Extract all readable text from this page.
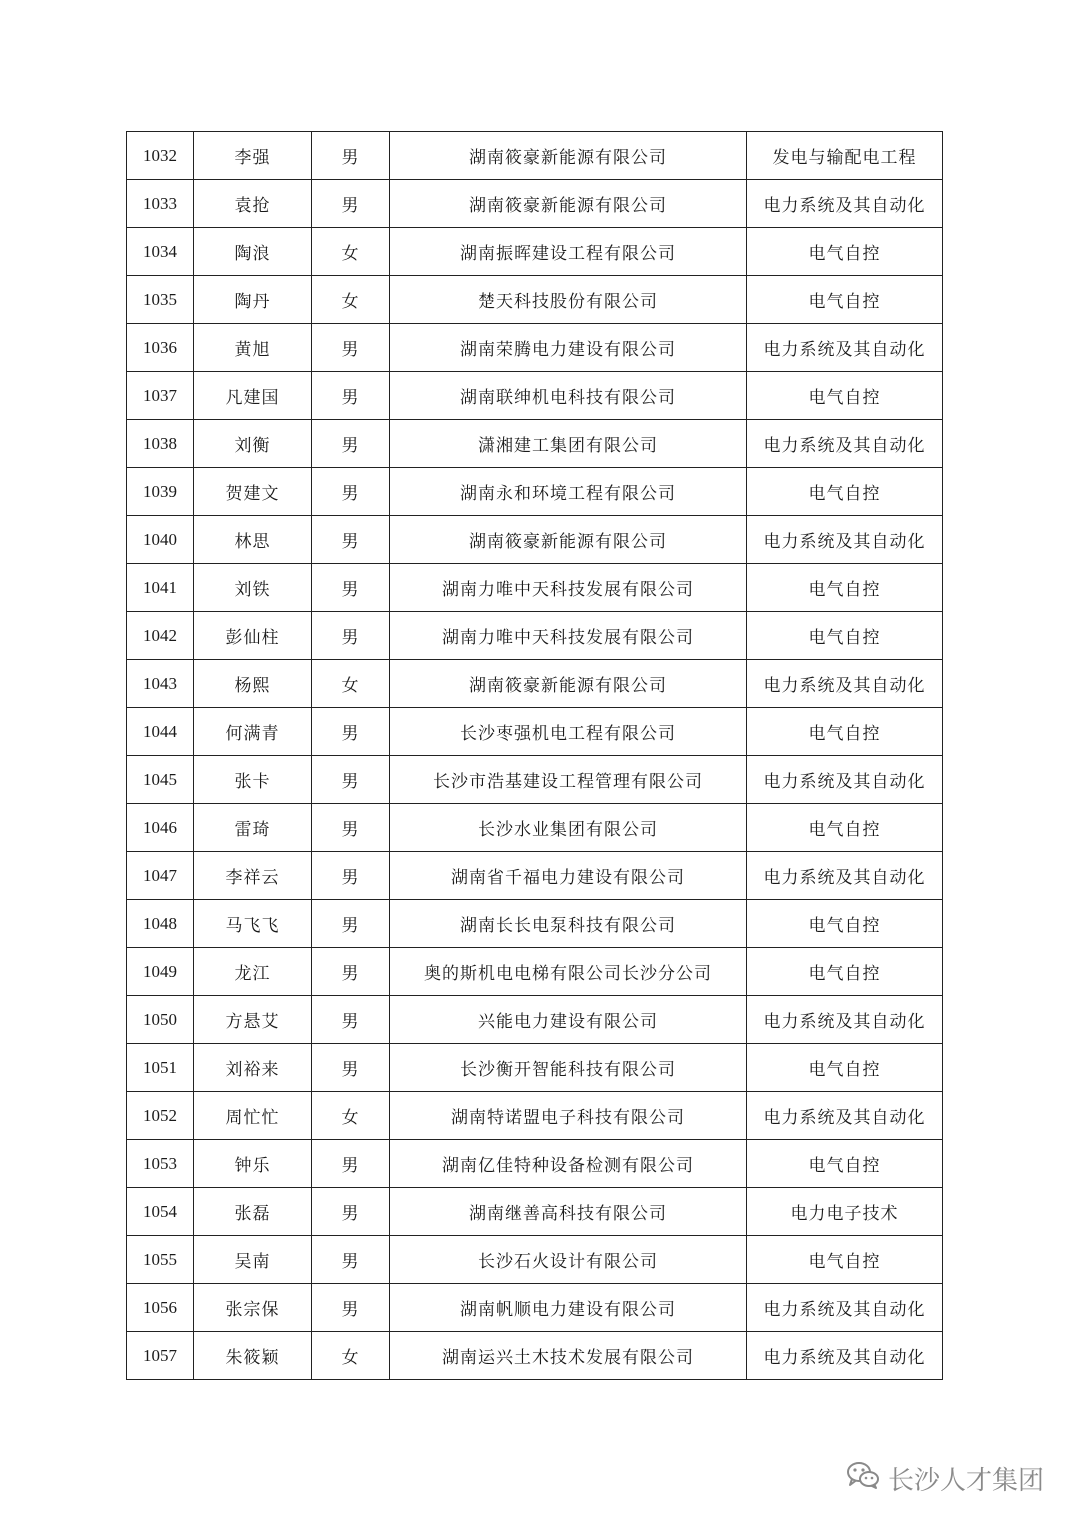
1032	李强	男	湖南筱豪新能源有限公司	发电与输配电工程
1033	袁抢	男	湖南筱豪新能源有限公司	电力系统及其自动化
1034	陶浪	女	湖南振晖建设工程有限公司	电气自控
1035	陶丹	女	楚天科技股份有限公司	电气自控
1036	黄旭	男	湖南荣腾电力建设有限公司	电力系统及其自动化
1037	凡建国	男	湖南联绅机电科技有限公司	电气自控
1038	刘衡	男	潇湘建工集团有限公司	电力系统及其自动化
1039	贺建文	男	湖南永和环境工程有限公司	电气自控
1040	林思	男	湖南筱豪新能源有限公司	电力系统及其自动化
1041	刘铁	男	湖南力唯中天科技发展有限公司	电气自控
1042	彭仙柱	男	湖南力唯中天科技发展有限公司	电气自控
1043	杨熙	女	湖南筱豪新能源有限公司	电力系统及其自动化
1044	何满青	男	长沙枣强机电工程有限公司	电气自控
1045	张卡	男	长沙市浩基建设工程管理有限公司	电力系统及其自动化
1046	雷琦	男	长沙水业集团有限公司	电气自控
1047	李祥云	男	湖南省千福电力建设有限公司	电力系统及其自动化
1048	马飞飞	男	湖南长长电泵科技有限公司	电气自控
1049	龙江	男	奥的斯机电电梯有限公司长沙分公司	电气自控
1050	方悬艾	男	兴能电力建设有限公司	电力系统及其自动化
1051	刘裕来	男	长沙衡开智能科技有限公司	电气自控
1052	周忙忙	女	湖南特诺盟电子科技有限公司	电力系统及其自动化
1053	钟乐	男	湖南亿佳特种设备检测有限公司	电气自控
1054	张磊	男	湖南继善高科技有限公司	电力电子技术
1055	吴南	男	长沙石火设计有限公司	电气自控
1056	张宗保	男	湖南帆顺电力建设有限公司	电力系统及其自动化
1057	朱筱颖	女	湖南运兴土木技术发展有限公司	电力系统及其自动化
长沙人才集团
